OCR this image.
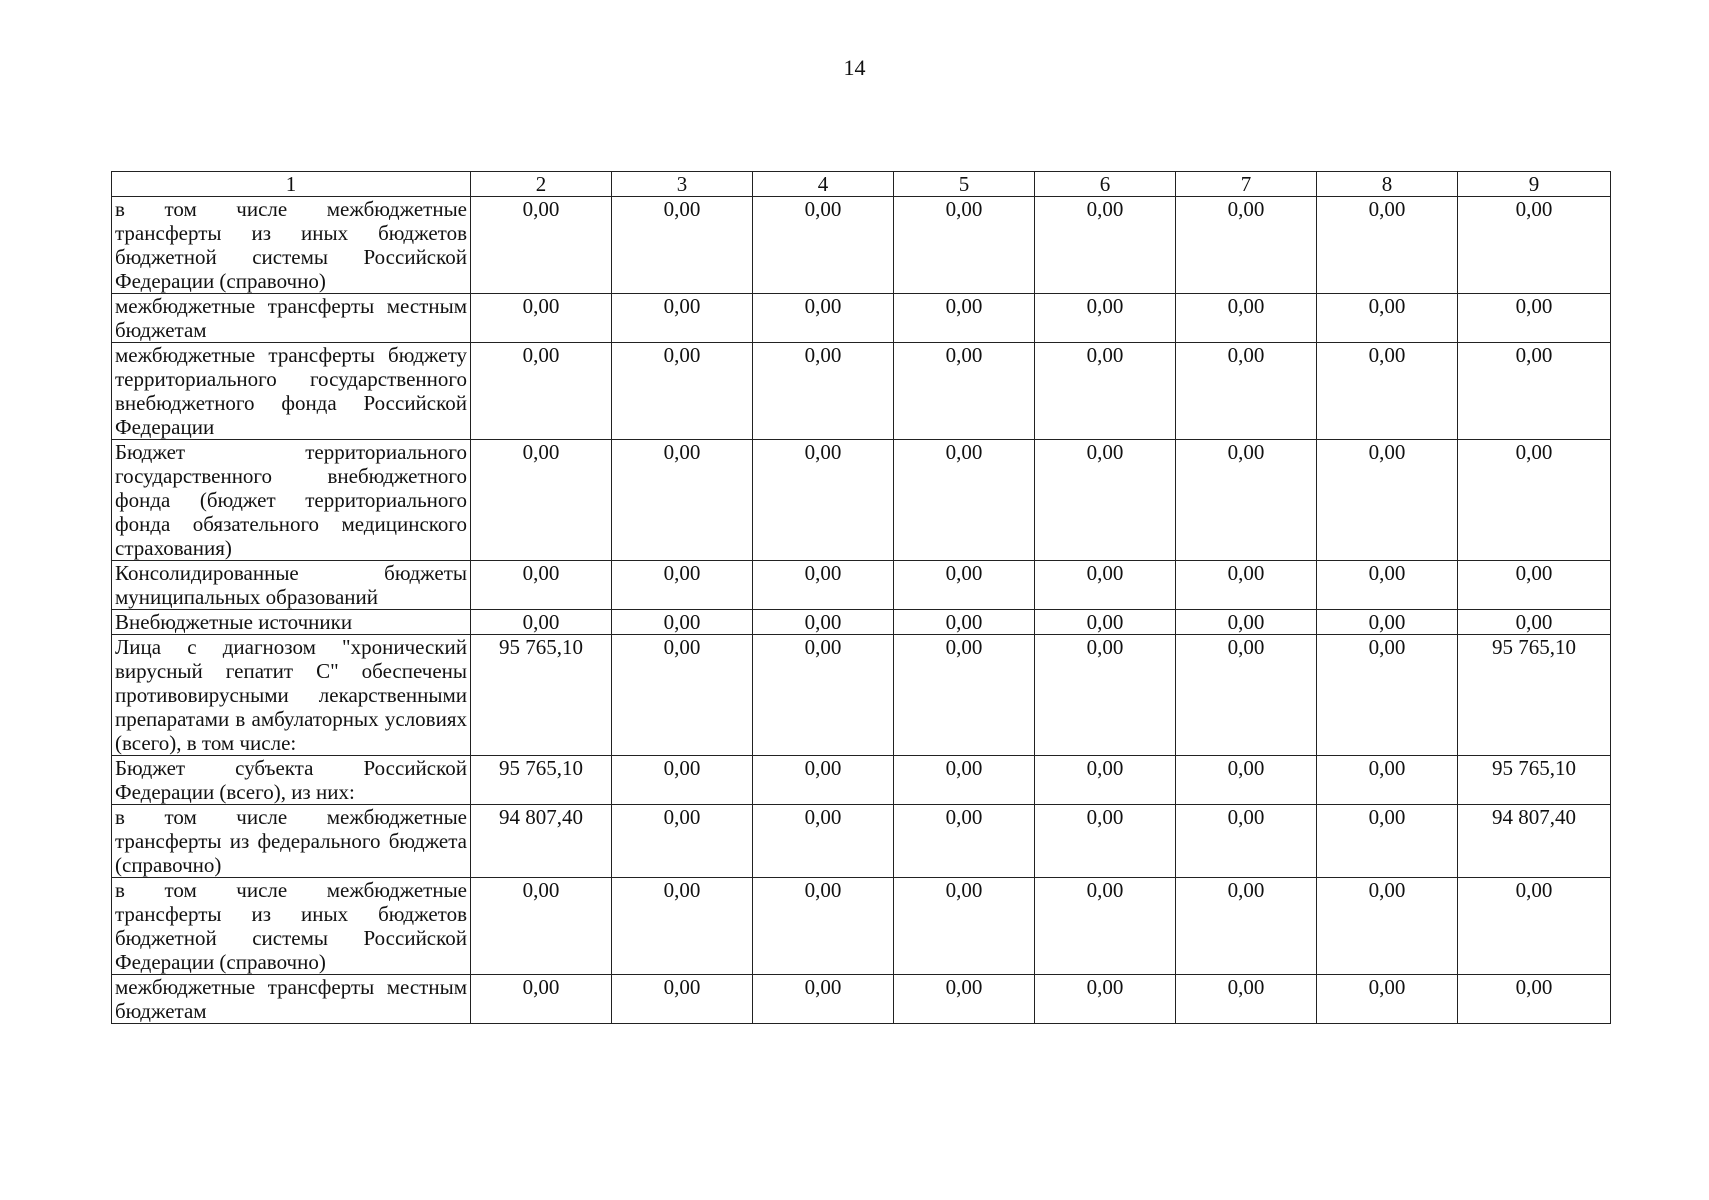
14
1	2	3	4	5	6	7	8	9
в том числе межбюджетные трансферты из иных бюджетов бюджетной системы Российской Федерации (справочно)	0,00	0,00	0,00	0,00	0,00	0,00	0,00	0,00
межбюджетные трансферты местным бюджетам	0,00	0,00	0,00	0,00	0,00	0,00	0,00	0,00
межбюджетные трансферты бюджету территориального государственного внебюджетного фонда Российской Федерации	0,00	0,00	0,00	0,00	0,00	0,00	0,00	0,00
Бюджет территориального государственного внебюджетного фонда (бюджет территориального фонда обязательного медицинского страхования)	0,00	0,00	0,00	0,00	0,00	0,00	0,00	0,00
Консолидированные бюджеты муниципальных образований	0,00	0,00	0,00	0,00	0,00	0,00	0,00	0,00
Внебюджетные источники	0,00	0,00	0,00	0,00	0,00	0,00	0,00	0,00
Лица с диагнозом "хронический вирусный гепатит С" обеспечены противовирусными лекарственными препаратами в амбулаторных условиях (всего), в том числе:	95 765,10	0,00	0,00	0,00	0,00	0,00	0,00	95 765,10
Бюджет субъекта Российской Федерации (всего), из них:	95 765,10	0,00	0,00	0,00	0,00	0,00	0,00	95 765,10
в том числе межбюджетные трансферты из федерального бюджета (справочно)	94 807,40	0,00	0,00	0,00	0,00	0,00	0,00	94 807,40
в том числе межбюджетные трансферты из иных бюджетов бюджетной системы Российской Федерации (справочно)	0,00	0,00	0,00	0,00	0,00	0,00	0,00	0,00
межбюджетные трансферты местным бюджетам	0,00	0,00	0,00	0,00	0,00	0,00	0,00	0,00
